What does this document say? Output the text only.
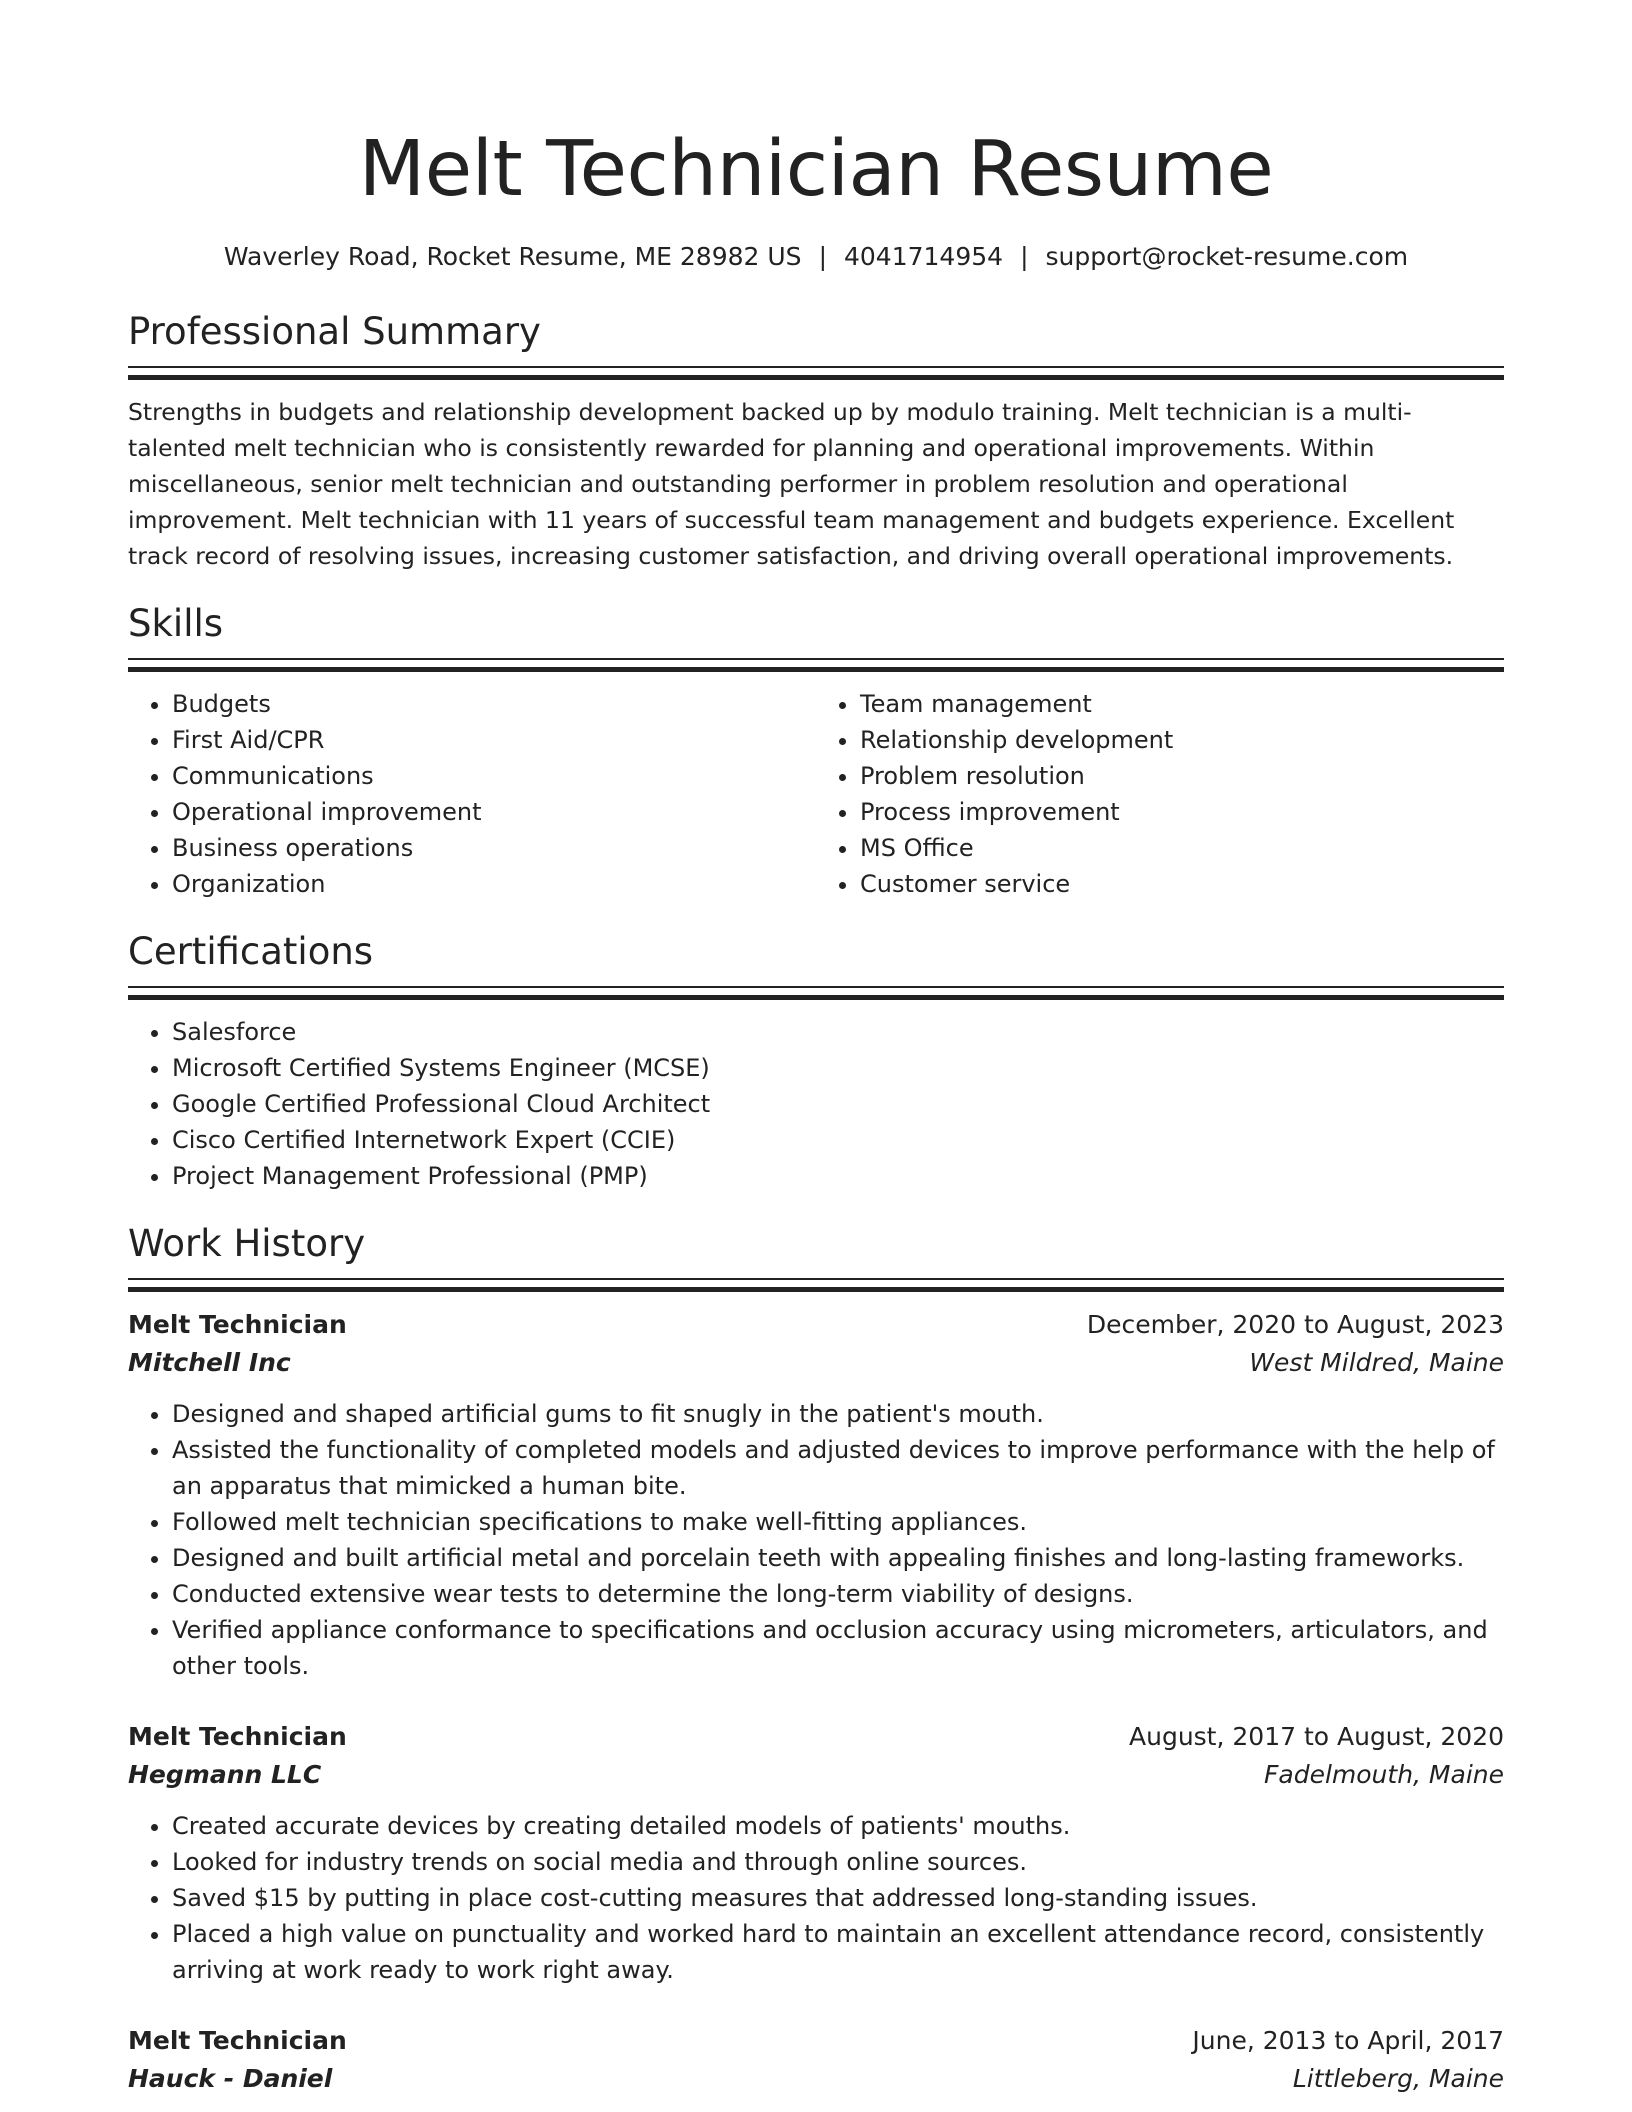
Melt Technician Resume
Waverley Road, Rocket Resume, ME 28982 US | 4041714954 | support@rocket-resume.com
Professional Summary

Strengths in budgets and relationship development backed up by modulo training. Melt technician is a multi-talented melt technician who is consistently rewarded for planning and operational improvements. Within miscellaneous, senior melt technician and outstanding performer in problem resolution and operational improvement. Melt technician with 11 years of successful team management and budgets experience. Excellent track record of resolving issues, increasing customer satisfaction, and driving overall operational improvements.

Skills
• Budgets
• First Aid/CPR
• Communications
• Operational improvement
• Business operations
• Organization
• Team management
• Relationship development
• Problem resolution
• Process improvement
• MS Office
• Customer service
Certifications
• Salesforce
• Microsoft Certified Systems Engineer (MCSE)
• Google Certified Professional Cloud Architect
• Cisco Certified Internetwork Expert (CCIE)
• Project Management Professional (PMP)
Work History
Melt Technician	December, 2020 to August, 2023
Mitchell Inc	West Mildred, Maine
• Designed and shaped artificial gums to fit snugly in the patient's mouth.
• Assisted the functionality of completed models and adjusted devices to improve performance with the help of an apparatus that mimicked a human bite.
• Followed melt technician specifications to make well-fitting appliances.
• Designed and built artificial metal and porcelain teeth with appealing finishes and long-lasting frameworks.
• Conducted extensive wear tests to determine the long-term viability of designs.
• Verified appliance conformance to specifications and occlusion accuracy using micrometers, articulators, and other tools.
Melt Technician	August, 2017 to August, 2020
Hegmann LLC	Fadelmouth, Maine
• Created accurate devices by creating detailed models of patients' mouths.
• Looked for industry trends on social media and through online sources.
• Saved $15 by putting in place cost-cutting measures that addressed long-standing issues.
• Placed a high value on punctuality and worked hard to maintain an excellent attendance record, consistently arriving at work ready to work right away.
Melt Technician	June, 2013 to April, 2017
Hauck - Daniel	Littleberg, Maine
